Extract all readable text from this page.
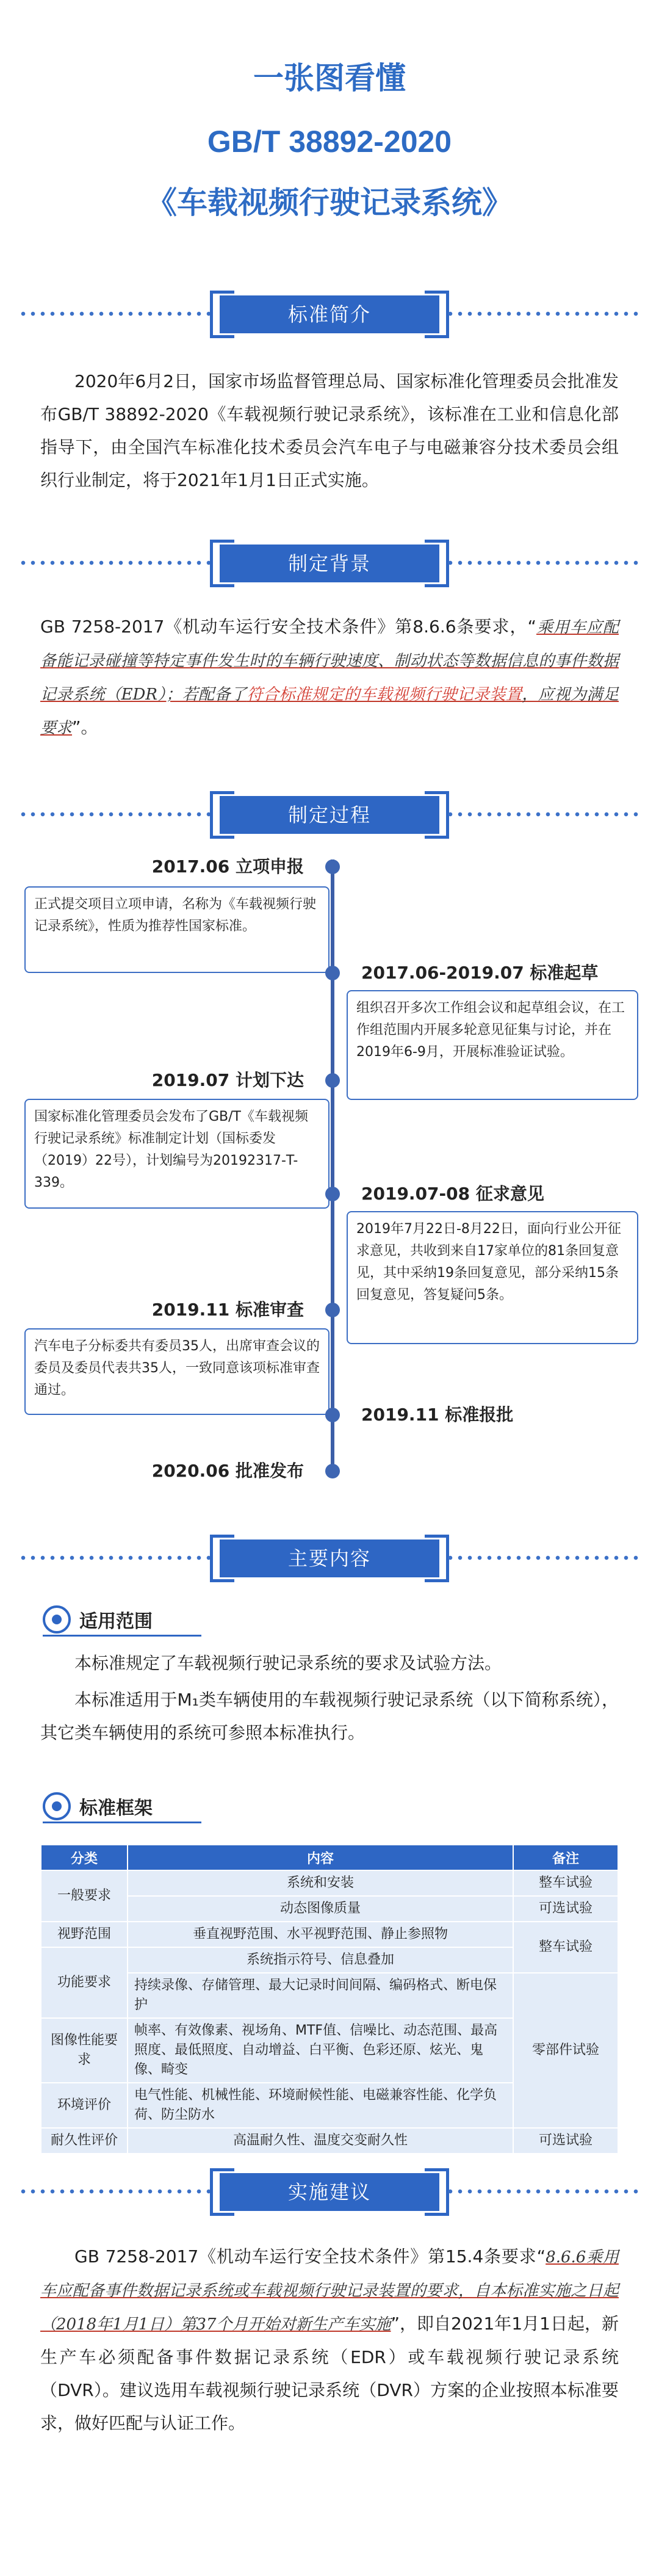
一张图看懂
GB/T 38892-2020
《车载视频行驶记录系统》
标准简介
2020年6月2日，国家市场监督管理总局、国家标准化管理委员会批准发布GB/T 38892-2020《车载视频行驶记录系统》，该标准在工业和信息化部指导下，由全国汽车标准化技术委员会汽车电子与电磁兼容分技术委员会组织行业制定，将于2021年1月1日正式实施。
制定背景
GB 7258-2017《机动车运行安全技术条件》第8.6.6条要求，“乘用车应配备能记录碰撞等特定事件发生时的车辆行驶速度、制动状态等数据信息的事件数据记录系统（EDR）；若配备了符合标准规定的车载视频行驶记录装置，应视为满足要求”。
制定过程
2017.06 立项申报
正式提交项目立项申请，名称为《车载视频行驶记录系统》，性质为推荐性国家标准。
2017.06-2019.07 标准起草
组织召开多次工作组会议和起草组会议，在工作组范围内开展多轮意见征集与讨论，并在2019年6-9月，开展标准验证试验。
2019.07 计划下达
国家标准化管理委员会发布了GB/T《车载视频行驶记录系统》标准制定计划（国标委发（2019）22号），计划编号为20192317-T-339。
2019.07-08 征求意见
2019年7月22日-8月22日，面向行业公开征求意见，共收到来自17家单位的81条回复意见，其中采纳19条回复意见，部分采纳15条回复意见，答复疑问5条。
2019.11 标准审查
汽车电子分标委共有委员35人，出席审查会议的委员及委员代表共35人，一致同意该项标准审查通过。
2019.11 标准报批
2020.06 批准发布
主要内容
适用范围
本标准规定了车载视频行驶记录系统的要求及试验方法。
本标准适用于M₁类车辆使用的车载视频行驶记录系统（以下简称系统），其它类车辆使用的系统可参照本标准执行。
标准框架
分类	内容	备注
一般要求	系统和安装	整车试验
	动态图像质量	可选试验
视野范围	垂直视野范围、水平视野范围、静止参照物	整车试验
功能要求	系统指示符号、信息叠加	
	持续录像、存储管理、最大记录时间间隔、编码格式、断电保护	零部件试验
图像性能要求	帧率、有效像素、视场角、MTF值、信噪比、动态范围、最高照度、最低照度、自动增益、白平衡、色彩还原、炫光、鬼像、畸变	
环境评价	电气性能、机械性能、环境耐候性能、电磁兼容性能、化学负荷、防尘防水	
耐久性评价	高温耐久性、温度交变耐久性	可选试验
实施建议
GB 7258-2017《机动车运行安全技术条件》第15.4条要求“8.6.6乘用车应配备事件数据记录系统或车载视频行驶记录装置的要求，自本标准实施之日起（2018年1月1日）第37个月开始对新生产车实施”，即自2021年1月1日起，新生产车必须配备事件数据记录系统（EDR）或车载视频行驶记录系统（DVR）。建议选用车载视频行驶记录系统（DVR）方案的企业按照本标准要求，做好匹配与认证工作。
